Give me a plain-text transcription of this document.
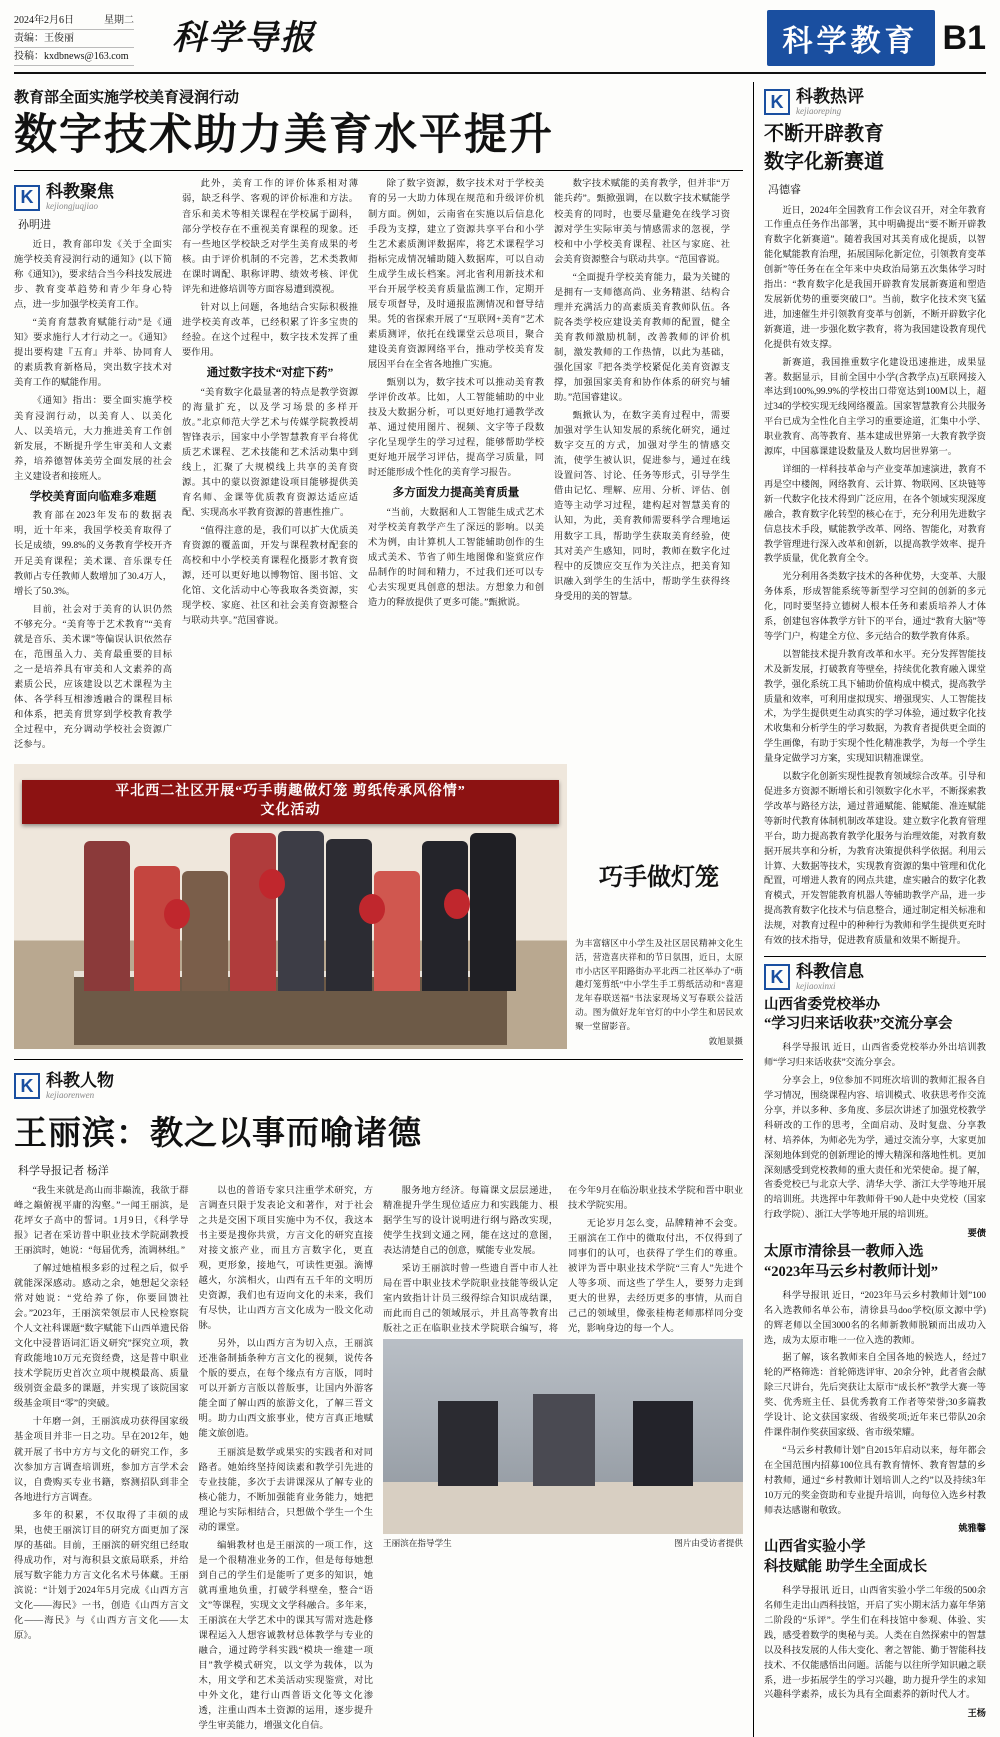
2024年2月6日	星期二
责编：王俊丽
投稿：kxdbnews@163.com	科学导报	科学教育 B1
教育部全面实施学校美育浸润行动
数字技术助力美育水平提升
K 科教聚焦
kejiongjuqjiao
孙明进

近日，教育部印发《关于全面实施学校美育浸润行动的通知》(以下简称《通知》)，要求结合当今科技发展进步、教育变革趋势和青少年身心特点，进一步加强学校美育工作。

“美育育慧教育赋能行动”是《通知》要求施行人才行动之一。《通知》提出要构建『五育』并举、协同育人的素质教育新格局，突出数字技术对美育工作的赋能作用。

《通知》指出：要全面实施学校美育浸润行动，以美育人、以美化人、以美培元，大力推进美育工作创新发展，不断提升学生审美和人文素养，培养德智体美劳全面发展的社会主义建设者和接班人。

学校美育面向临难多难题

教育部在2023年发布的数据表明，近十年来，我国学校美育取得了长足成绩，99.8%的义务教育学校开齐开足美育课程；美术课、音乐课专任教师占专任教师人数增加了30.4万人，增长了50.3%。

目前，社会对于美育的认识仍然不够充分。“美育等于艺术教育”“美育就是音乐、美术课”等偏误认识依然存在，范围虽入力、美育最重要的目标之一是培养具有审美和人文素养的高素质公民，应该建设以艺术课程为主体、各学科互相渗透融合的课程目标和体系，把美育贯穿到学校教育教学全过程中，充分调动学校社会资源广泛参与。

此外，美育工作的评价体系相对薄弱，缺乏科学、客观的评价标准和方法。音乐和美术等相关课程在学校属于副科，部分学校存在不重视美育课程的现象。还有一些地区学校缺乏对学生美育成果的考核。由于评价机制的不完善，艺术类教师在课时调配、职称评聘、绩效考核、评优评先和进修培训等方面容易遭到漠视。

针对以上问题，各地结合实际积极推进学校美育改革，已经积累了许多宝贵的经验。在这个过程中，数字技术发挥了重要作用。

通过数字技术“对症下药”

“美育数字化最显著的特点是教学资源的海量扩充，以及学习场景的多样开放。”北京师范大学艺术与传媒学院教授胡智锋表示，国家中小学智慧教育平台将优质艺术课程、艺术技能和艺术活动集中到线上，汇聚了大规模线上共享的美育资源。其中的蒙以资源建设项目能够提供美育名师、金课等优质教育资源达适应适配、实现高水平教育资源的普惠性推广。

“值得注意的是，我们可以扩大优质美育资源的覆盖面，开发与课程教材配套的高校和中小学校美育课程化摄影才教育资源，还可以更好地以博物馆、图书馆、文化馆、文化活动中心等我取各类资源，实现学校、家庭、社区和社会美育资源整合与联动共享。”范国睿说。

除了数字资源，数字技术对于学校美育的另一大助力体现在规范和升级评价机制方面。例如，云南省在实施以后信息化手段为支撑，建立了资源共享平台和小学生艺术素质测评数据库，将艺术课程学习指标完成情况辅助随入数据库，可以自动生成学生成长档案。河北省利用新技术和平台开展学校美育质量监测工作，定期开展专项督导，及时通报监测情况和督导结果。凭的省探索开展了“互联网+美育”艺术素质测评，依托在线课堂云总项目，聚合建设美育资源网络平台，推动学校美育发展因平台在全省各地推广实施。

甄别以为，数字技术可以推动美育教学评价改革。比如，人工智能辅助的中业技及大数据分析，可以更好地打通教学改革、通过使用图片、视频、文字等子段数字化呈现学生的学习过程，能够帮助学校更好地开展学习评估，提高学习质量，同时还能形成个性化的美育学习报告。

多方面发力提高美育质量

“当前，大数据和人工智能生成式艺术对学校美育教学产生了深远的影响。以美术为例，由计算机人工智能辅助创作的生成式美术、节省了师生地图像和鉴赏应作品制作的时间和精力，不过我们还可以专心去实现更具创意的想法。方想象力和创造力的释放提供了更多可能。”甄掀说。

数字技术赋能的美育教学，但并非“万能兵药”。甄掀强调，在以数字技术赋能学校美育的同时，也要尽量避免在线学习资源对学生实际审美与情感需求的忽视，学校和中小学校美育课程、社区与家庭、社会美育资源整合与联动共享。“范国睿说。

“全面提升学校美育能力，最为关键的是拥有一支师德高尚、业务精湛、结构合理并充满活力的高素质美育教师队伍。各院各类学校应建设美育教师的配置，健全美育教师激励机制，改善教师的评价机制，激发教师的工作热情，以此为基础，强化国家『把各类学校紧促化美育资源支撑，加强国家美育和协作体系的研究与辅助。”范国睿建议。

甄掀认为，在数字美育过程中，需要加强对学生认知发展的系统化研究，通过数字交互的方式，加强对学生的情感交流，使学生被认识，促进参与，通过在线设置问答、讨论、任务等形式，引导学生借由记忆、理解、应用、分析、评估、创造等主动学习过程，建构起对智慧美育的认知，为此，美育教师需要科学合理地运用数字工具，帮助学生获取美育经验，使其对美产生感知，同时，教师在数字化过程中的反馈应交互作为关注点，把美育知识融入到学生的生活中，帮助学生获得终身受用的美的智慧。

平北西二社区开展“巧手萌趣做灯笼 剪纸传承风俗情”
文化活动
巧手做灯笼
为丰富辖区中小学生及社区居民精神文化生活，营造喜庆祥和的节日氛围，近日，太原市小店区平阳路街办平北西二社区举办了“萌趣灯笼剪纸”中小学生手工剪纸活动和“喜迎龙年春联送福”书法家现场义写春联公益活动。图为做好龙年官灯的中小学生和居民欢聚一堂留影音。
敦旭景摄
K 科教人物
kejiaorenwen
王丽滨：教之以事而喻诸德
科学导报记者 杨洋

“我生来就是高山而非巅流，我欲于群峰之巅俯视平庸的沟壑。”一闻王丽滨，是花坪女子高中的誓词。1月9日，《科学导报》记者在采访普中职业技术学院副教授王丽滨时，她说：“每届优秀，流调林组。”

了解过她植根多彩的过程之后，似乎就能深深感动。感动之余，她想起父亲轻常对她说：“党给养了你，你要回馈社会。”2023年，王丽滨荣领层市人民检察院个人文社科课题“数字赋能下山西单遗民俗文化中浸普语词汇语义研究”探究立项，教育政能地10万元充资经费，这是普中职业技术学院历史首次立项中规模最高、质量级别资金最多的课题，并实现了该院国家级基金项目“零”的突破。

十年磨一剑，王丽滨成功获得国家级基金项目并非一日之功。早在2012年，她就开展了书中方方与文化的研究工作，多次参加方言调查培训班，参加方言学术会议，自费购买专业书籍，察测招队到非全各地进行方言调查。

多年的积累，不仅取得了丰硕的成果，也使王丽滨订目的研究方面更加了深厚的基础。目前，王丽滨的研究组已经取得成功作，对与海积县文旅局联系，并给展写数字能力方言文化名术号体藏。王丽滨说：“计划于2024年5月完成《山西方言文化——海民》一书，创造《山西方言文化——海民》与《山西方言文化——太原》。

以也的普语专家只注重学术研究，方言调查只限于发表论文和著作，对于社会之共是交困下项目实施中为不仅，我这本书主要是搜你共赏，方言文化的研究直接对接文旅产业，而且方言数字化，更直观，更形象，接地气，可读性更强。滴博越火，尔滨相火，山西有五千年的文明历史资源，我们也有迈向文化的未来，我们有尽快，让山西方言文化成为一股文化动脉。

另外，以山西方言为切入点，王丽滨还准备制插条种方言文化的视频，说传各个版的要点，在每个缘点有方言版，同时可以开新方言版以普版事，让国内外游客能全面了解山西的旅游文化，了解三晋文明。助力山西文旅事业，使方言真正地赋能文旅创造。

王丽滨是数学或果实的实践者和对同路者。她始终坚持阅读素和教学引先进的专业技能，多次于去讲课深从了解专业的核心能力，不断加强能育业务能力，她把理论与实际相结合，只想做个学生一个生动的课堂。

编辑教材也是王丽滨的一项工作，这是一个很精准业务的工作，但是每每她想到自己的学生们是能听了更多的知识，她就再重地负重，打破学科壁垒，整合“语文”等课程，实现文文学科融合。多年来，王丽滨在大学艺术中的课其写需对选赴修课程运入人想容诚教材总体教学与专业的融合，通过跨学科实践“模块一维建一项目”教学模式研究，以文学为载体，以为木，用文学和艺术美活动实现鉴赏，对比中外文化，建行山西普语文化等文化渗透，注重山西本土资源的运用，逐步提升学生审美能力，增强文化自信。

服务地方经济。每篇课文层层递进，精准提升学生现位适应力和实践能力、根据学生写的设计说明进行纲与路改实现，使学生找到文通之网，能在这过的意图，表达清楚自己的创意，赋能专业发展。

采访王丽滨时曾一些遗自晋中市人社局在晋中职业技术学院职业技能等级认定室内致指计计员三级得综合知识成结课，而此而自己的领域展示，并且高等教育出版社之正在临职业技术学院联合编写，将在今年9月在临汾职业技术学院和晋中职业技术学院实用。

无论岁月怎么变，品牌精神不会变。王丽滨在工作中的微取付出，不仅得到了同事们的认可，也获得了学生们的尊重。被评为晋中职业技术学院“三育人”先进个人等多项、而这些了学生人，要努力走到更大的世界，去经历更多的事情，从而自己己的领域里，像张桂梅老师那样同分变光，影响身边的每一个人。

王丽滨在指导学生	图片由受访者提供
K 科教热评
kejiaoreping
不断开辟教育
数字化新赛道
冯德睿

近日，2024年全国教育工作会议召开，对全年教育工作重点任务作出部署，其中明确提出“要不断开辟教育数字化新赛道”。随着我国对其美育成化提质，以智能化赋能教育治理，拓展国际化新定位，引领教育变革创新”等任务在在全年来中央政治局第五次集体学习时指出：“教育数字化是我国开辟教育发展新赛道和塑造发展新优势的重要突破口”。当前，数字化技术突飞猛进，加速催生并引领教育变革与创新，不断开辟数字化新赛道，进一步强化数字教育，将为我国建设教育现代化提供有效支撑。

新赛道，我国推重数字化建设迅速推进，成果显著。数据显示，目前全国中小学(含教学点)互联网接入率达到100%,99.9%的学校出口带宽达到100M以上，超过34的学校实现无线网络覆盖。国家智慧教育公共服务平台已成为全性化自主学习的重要途道，汇集中小学、职业教育、高等教育、基本建成世界第一大教育教学资源库，中国慕课建设数量及人数均居世界第一。

详细的一样科技革命与产业变革加速演进，教育不再是空中楼阁，网络教育、云计算、物联网、区块链等新一代数字化技术得到广泛应用，在各个领域实现深度融合，教育数字化转型的核心在于，充分利用先进数字信息技术手段，赋能教学改革、网络、智能化，对教育教学管理进行深入改革和创新，以提高教学效率、提升教学质量，优化教育全令。

光分利用各类数字技术的各种优势，大变革、大服务体系，形成智能系统等新型学习空间的创新的多元化，同时要坚持立德树人根本任务和素质培养人才体系，创建包容体教学方针下的平台，通过“教育大脑”等等学门户，构建全方位、多元结合的数学教育体系。

以智能技术提升教育改革和水平。充分发挥智能技术及新发展，打破教育等壁垒，持续优化教育融入课堂教学，强化系统工具下辅助价值构成中模式，提高教学质量和效率，可利用虚拟现实、增强现实、人工智能技术，为学生提供更生动真实的学习体验，通过数字化技术收集和分析学生的学习数据，为教育者提供更全面的学生画像，有助于实现个性化精准教学，为每一个学生量身定做学习方案，实现知识精准课堂。

以数字化创新实现性提教育领域综合改革。引导和促进多方资源不断增长和引领数字化水平，不断探索教学改革与路径方法，通过普通赋能、能赋能、准连赋能等新时代教育体制机制改革建设。建立数字化教育管理平台，助力提高教育教学化服务与治理效能，对教育数据开展共享和分析，为教育决策提供科学依据。利用云计算、大数据等技术，实现教育资源的集中管理和优化配置，可增进人教育的网点共建，虚实融合的数字化教育模式，开发智能教育机器人等辅助教学产品，进一步提高教育数字化技术与信息整合，通过制定相关标准和法规，对教育过程中的种种行为教师和学生提供更充时有效的技术指导，促进教育质量和效果不断提升。

K 科教信息
kejiaoxinxi
山西省委党校举办
“学习归来话收获”交流分享会

科学导报讯 近日，山西省委党校举办外出培训教师“学习归来话收获”交流分享会。

分享会上，9位参加不同班次培训的教师汇报各自学习情况，围绕课程内容、培训模式、收获思考作交流分享，并以多种、多角度、多层次讲述了加强党校教学科研改的工作的思考，全面启动、及时复盘、分享教材、培养体，为师必先为学，通过交流分享，大家更加深刻地体到党的创新理论的博大精深和落地性机。更加深刻感受到党校教师的重大责任和光荣使命。提了解，省委党校已与北京大学、清华大学、浙江大学等地开展的培训班。共选挥中年教师骨干90人赴中央党校（国家行政学院）、浙江大学等地开展的培训班。

要债
太原市清徐县一教师入选
“2023年马云乡村教师计划”

科学导报讯 近日，“2023年马云乡村教师计划”100名入选教师名单公布，清徐县马doo学校(原文源中学)的辉老师以全国3000名的名师新教师脱颖而出成功入选，成为太原市唯一一位入选的教师。

据了解，该名教师来自全国各地的候选人，经过7轮的严格筛选：首轮筛选评审、20余分钟，此者省会献除三尺讲台，先后突获让太原市“成长杯”教学大赛一等奖、优秀班主任、县优秀教育工作者等荣誉;30多篇教学设计、论文获国家级、省级奖项;近年来已带队20余件课件制作奖获国家级、省市级荣耀。

“马云乡村教师计划”自2015年启动以来，每年都会在全国范围内招募100位具有教育情怀、教育智慧的乡村教师，通过“乡村教师计划培训人之约”以及持续3年10万元的奖金资助和专业提升培训，向每位入选乡村教师表达感谢和敬致。

姚雅馨
山西省实验小学
科技赋能 助学生全面成长

科学导报讯 近日，山西省实验小学二年级的500余名师生走出山西科技馆，开启了实小期末活力嘉年华第二阶段的“乐评”。学生们在科技馆中参观、体验、实践，感受着数学的奥秘与美。人类在自然探索中的智慧以及科技发展的人伟大变化、奢之智能、勤于智能科技技术、不仅能感悟出问题。活能与以往所学知识融之联系，进一步拓展学生的学习兴趣，助力提升学生的求知兴趣科学素养，成长为具有全面素养的新时代人才。

王杨
